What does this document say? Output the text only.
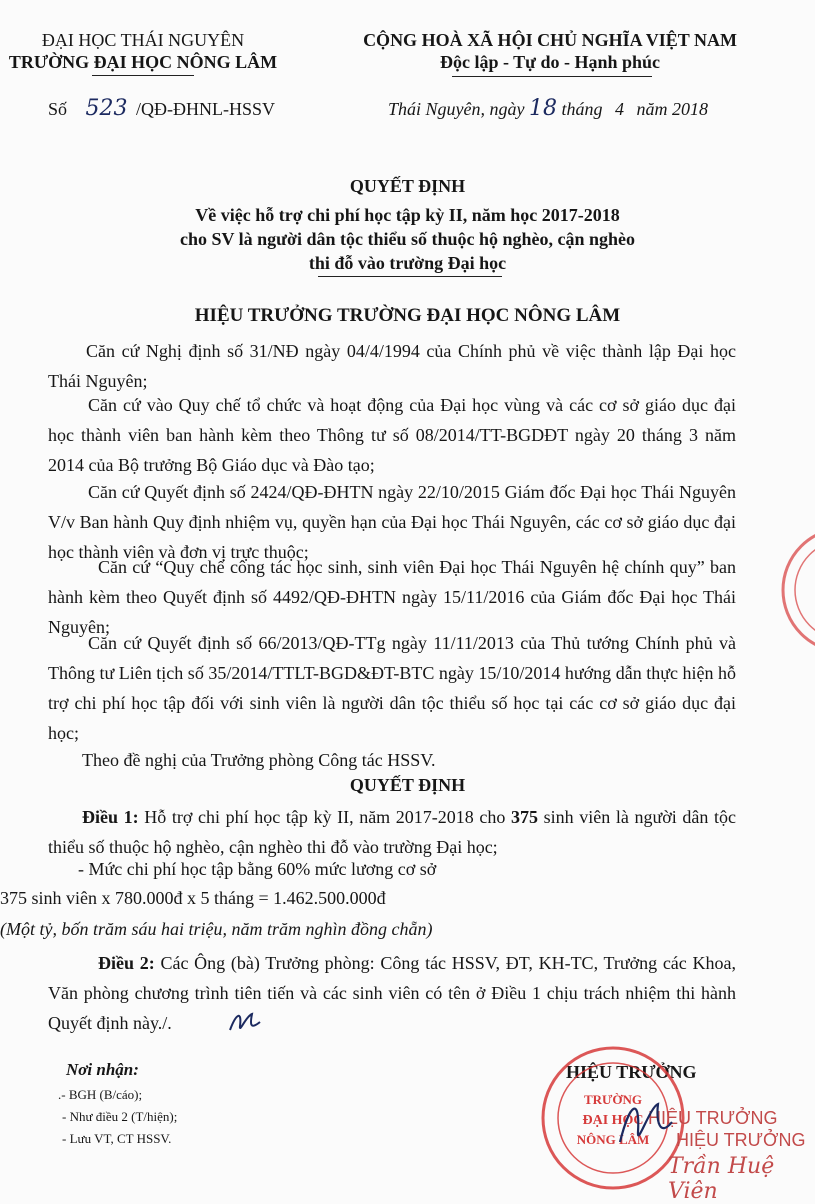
ĐẠI HỌC THÁI NGUYÊN
TRƯỜNG ĐẠI HỌC NÔNG LÂM
CỘNG HOÀ XÃ HỘI CHỦ NGHĨA VIỆT NAM
Độc lập - Tự do - Hạnh phúc
Số 523 /QĐ-ĐHNL-HSSV	Thái Nguyên, ngày 18 tháng 4 năm 2018
QUYẾT ĐỊNH
Về việc hỗ trợ chi phí học tập kỳ II, năm học 2017-2018
cho SV là người dân tộc thiểu số thuộc hộ nghèo, cận nghèo
thi đỗ vào trường Đại học
HIỆU TRƯỞNG TRƯỜNG ĐẠI HỌC NÔNG LÂM
Căn cứ Nghị định số 31/NĐ ngày 04/4/1994 của Chính phủ về việc thành lập Đại học Thái Nguyên;
Căn cứ vào Quy chế tổ chức và hoạt động của Đại học vùng và các cơ sở giáo dục đại học thành viên ban hành kèm theo Thông tư số 08/2014/TT-BGDĐT ngày 20 tháng 3 năm 2014 của Bộ trưởng Bộ Giáo dục và Đào tạo;
Căn cứ Quyết định số 2424/QĐ-ĐHTN ngày 22/10/2015 Giám đốc Đại học Thái Nguyên V/v Ban hành Quy định nhiệm vụ, quyền hạn của Đại học Thái Nguyên, các cơ sở giáo dục đại học thành viên và đơn vị trực thuộc;
Căn cứ “Quy chế công tác học sinh, sinh viên Đại học Thái Nguyên hệ chính quy” ban hành kèm theo Quyết định số 4492/QĐ-ĐHTN ngày 15/11/2016 của Giám đốc Đại học Thái Nguyên;
Căn cứ Quyết định số 66/2013/QĐ-TTg ngày 11/11/2013 của Thủ tướng Chính phủ và Thông tư Liên tịch số 35/2014/TTLT-BGD&ĐT-BTC ngày 15/10/2014 hướng dẫn thực hiện hỗ trợ chi phí học tập đối với sinh viên là người dân tộc thiểu số học tại các cơ sở giáo dục đại học;
Theo đề nghị của Trưởng phòng Công tác HSSV.
QUYẾT ĐỊNH
Điều 1: Hỗ trợ chi phí học tập kỳ II, năm 2017-2018 cho 375 sinh viên là người dân tộc thiểu số thuộc hộ nghèo, cận nghèo thi đỗ vào trường Đại học;
- Mức chi phí học tập bằng 60% mức lương cơ sở
375 sinh viên x 780.000đ x 5 tháng = 1.462.500.000đ
(Một tỷ, bốn trăm sáu hai triệu, năm trăm nghìn đồng chẵn)
Điều 2: Các Ông (bà) Trưởng phòng: Công tác HSSV, ĐT, KH-TC, Trưởng các Khoa, Văn phòng chương trình tiên tiến và các sinh viên có tên ở Điều 1 chịu trách nhiệm thi hành Quyết định này./.
Nơi nhận:
.- BGH (B/cáo);
- Như điều 2 (T/hiện);
- Lưu VT, CT HSSV.
HIỆU TRƯỞNG
TRƯỜNG
ĐẠI HỌC
NÔNG LÂM
HIỆU TRƯỞNG
HIỆU TRƯỞNG
Trần Huệ Viên
